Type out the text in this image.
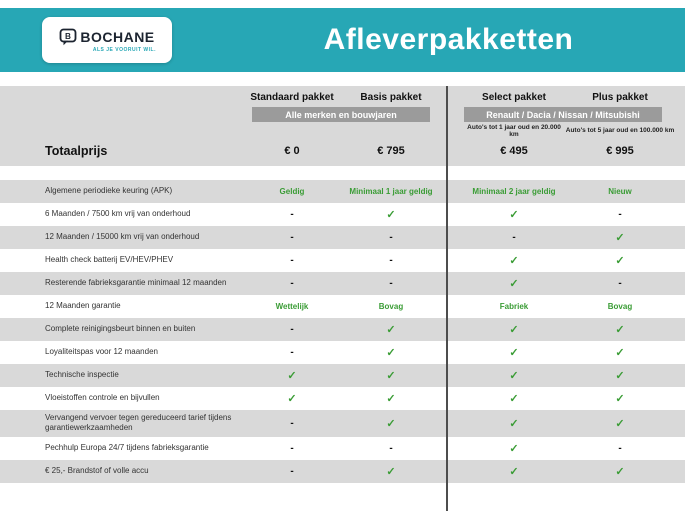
B BOCHANE
ALS JE VOORUIT WIL.	Afleverpakketten
Standaard pakket	Basis pakket	Select pakket	Plus pakket
Alle merken en bouwjaren	Renault / Dacia / Nissan / Mitsubishi
Auto's tot 1 jaar oud en 20.000 km
Auto's tot 5 jaar oud en 100.000 km
Totaalprijs	€ 0	€ 795	€ 495	€ 995
Algemene periodieke keuring (APK)	Geldig	Minimaal 1 jaar geldig	Minimaal 2 jaar geldig	Nieuw
6 Maanden / 7500 km vrij van onderhoud	-	✓	✓	-
12 Maanden / 15000 km vrij van onderhoud	-	-	-	✓
Health check batterij EV/HEV/PHEV	-	-	✓	✓
Resterende fabrieksgarantie minimaal 12 maanden	-	-	✓	-
12 Maanden garantie	Wettelijk	Bovag	Fabriek	Bovag
Complete reinigingsbeurt binnen en buiten	-	✓	✓	✓
Loyaliteitspas voor 12 maanden	-	✓	✓	✓
Technische inspectie	✓	✓	✓	✓
Vloeistoffen controle en bijvullen	✓	✓	✓	✓
Vervangend vervoer tegen gereduceerd tarief tijdens garantiewerkzaamheden	-	✓	✓	✓
Pechhulp Europa 24/7 tijdens fabrieksgarantie	-	-	✓	-
€ 25,- Brandstof of volle accu	-	✓	✓	✓
